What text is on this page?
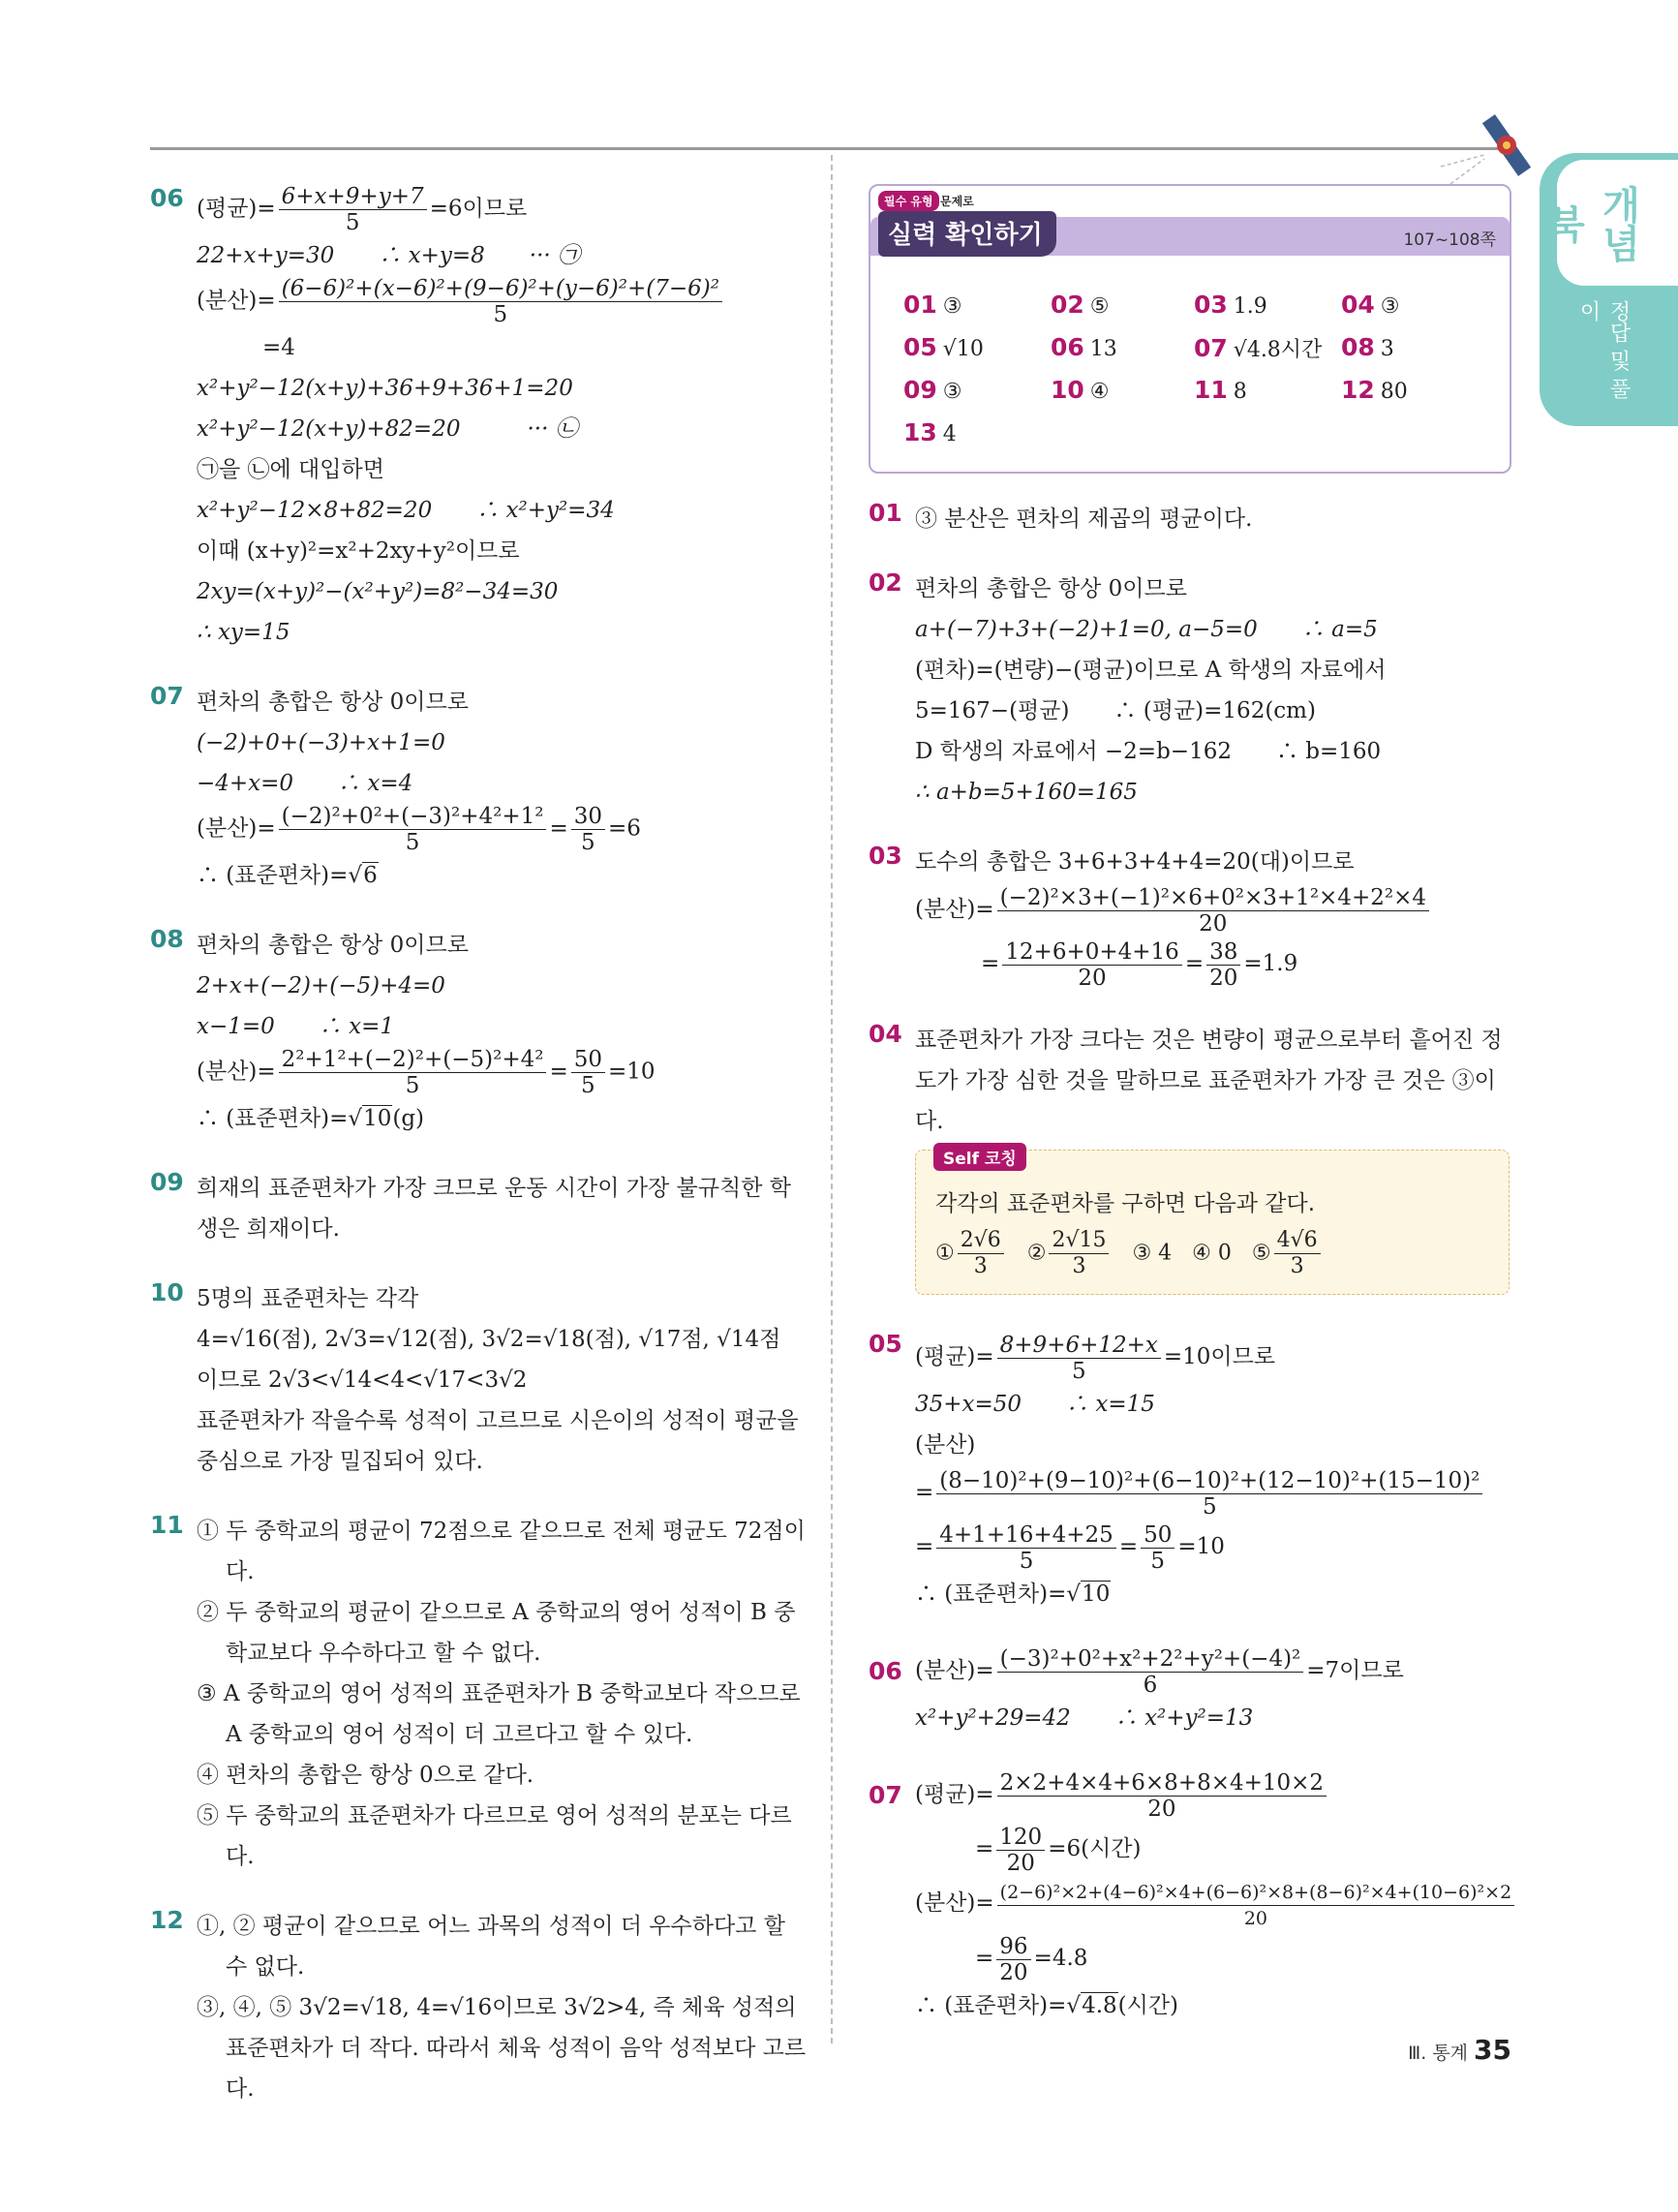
개념북
정답 및 풀이
06 (평균)= $\frac{6+x+9+y+7}{5} =6$이므로
22+x+y=30　　∴ x+y=8　　··· ㉠
(분산)= $\frac{\text{(6−6)²+(x−6)²+(9−6)²+(y−6)²+(7−6)²}}{5}$
=4
x²+y²−12(x+y)+36+9+36+1=20
x²+y²−12(x+y)+82=20　　　··· ㉡
㉠을 ㉡에 대입하면
x²+y²−12×8+82=20　　∴ x²+y²=34
이때 (x+y)²=x²+2xy+y²이므로
2xy=(x+y)²−(x²+y²)=8²−34=30
∴ xy=15
07 편차의 총합은 항상 0이므로
(−2)+0+(−3)+x+1=0
−4+x=0　　∴ x=4
(분산)= $\frac{\text{(−2)²+0²+(−3)²+4²+1²}}{5} = \frac{30}{5} =6$
∴ (표준편차)=√6
08 편차의 총합은 항상 0이므로
2+x+(−2)+(−5)+4=0
x−1=0　　∴ x=1
(분산)= $\frac{\text{2²+1²+(−2)²+(−5)²+4²}}{5} = \frac{50}{5} =10$
∴ (표준편차)=√10(g)
09 희재의 표준편차가 가장 크므로 운동 시간이 가장 불규칙한 학생은 희재이다.
10 5명의 표준편차는 각각
4=√16(점), 2√3=√12(점), 3√2=√18(점), √17점, √14점
이므로 2√3<√14<4<√17<3√2
표준편차가 작을수록 성적이 고르므로 시은이의 성적이 평균을 중심으로 가장 밀집되어 있다.
11 ① 두 중학교의 평균이 72점으로 같으므로 전체 평균도 72점이다.
② 두 중학교의 평균이 같으므로 A 중학교의 영어 성적이 B 중학교보다 우수하다고 할 수 없다.
③ A 중학교의 영어 성적의 표준편차가 B 중학교보다 작으므로 A 중학교의 영어 성적이 더 고르다고 할 수 있다.
④ 편차의 총합은 항상 0으로 같다.
⑤ 두 중학교의 표준편차가 다르므로 영어 성적의 분포는 다르다.
12 ①, ② 평균이 같으므로 어느 과목의 성적이 더 우수하다고 할 수 없다.
③, ④, ⑤ 3√2=√18, 4=√16이므로 3√2>4, 즉 체육 성적의 표준편차가 더 작다. 따라서 체육 성적이 음악 성적보다 고르다.
필수 유형 문제로
실력 확인하기	107~108쪽
01 ③	02 ⑤	03 1.9	04 ③
05 √10	06 13	07 √4.8시간 08 3
09 ③	10 ④	11 8	12 80
13 4
01 ③ 분산은 편차의 제곱의 평균이다.
02 편차의 총합은 항상 0이므로
a+(−7)+3+(−2)+1=0, a−5=0　　∴ a=5
(편차)=(변량)−(평균)이므로 A 학생의 자료에서
5=167−(평균)　　∴ (평균)=162(cm)
D 학생의 자료에서 −2=b−162　　∴ b=160
∴ a+b=5+160=165
03 도수의 총합은 3+6+3+4+4=20(대)이므로
(분산)= $\frac{\text{(−2)²×3+(−1)²×6+0²×3+1²×4+2²×4}}{20}$
= $\frac{12+6+0+4+16}{20} = \frac{38}{20} =1.9$
04 표준편차가 가장 크다는 것은 변량이 평균으로부터 흩어진 정도가 가장 심한 것을 말하므로 표준편차가 가장 큰 것은 ③이다.
Self 코칭
각각의 표준편차를 구하면 다음과 같다.
① $\frac{2√6}{3}$ ② $\frac{2√15}{3}$ ③ 4 ④ 0 ⑤ $\frac{4√6}{3}$
05 (평균)= $\frac{8+9+6+12+x}{5} =10$이므로
35+x=50　　∴ x=15
(분산)
= $\frac{\text{(8−10)²+(9−10)²+(6−10)²+(12−10)²+(15−10)²}}{5}$
= $\frac{4+1+16+4+25}{5} = \frac{50}{5} =10$
∴ (표준편차)=√10
06 (분산)= $\frac{\text{(−3)²+0²+x²+2²+y²+(−4)²}}{6} =7$이므로
x²+y²+29=42　　∴ x²+y²=13
07 (평균)= $\frac{2\times 2+4\times 4+6\times 8+8\times 4+10\times 2}{20}$
= $\frac{120}{20} =6$(시간)
(분산)= $\frac{\text{(2−6)²×2+(4−6)²×4+(6−6)²×8+(8−6)²×4+(10−6)²×2}}{20}$
= $\frac{96}{20} =4.8$
∴ (표준편차)=√4.8(시간)
Ⅲ. 통계 35
